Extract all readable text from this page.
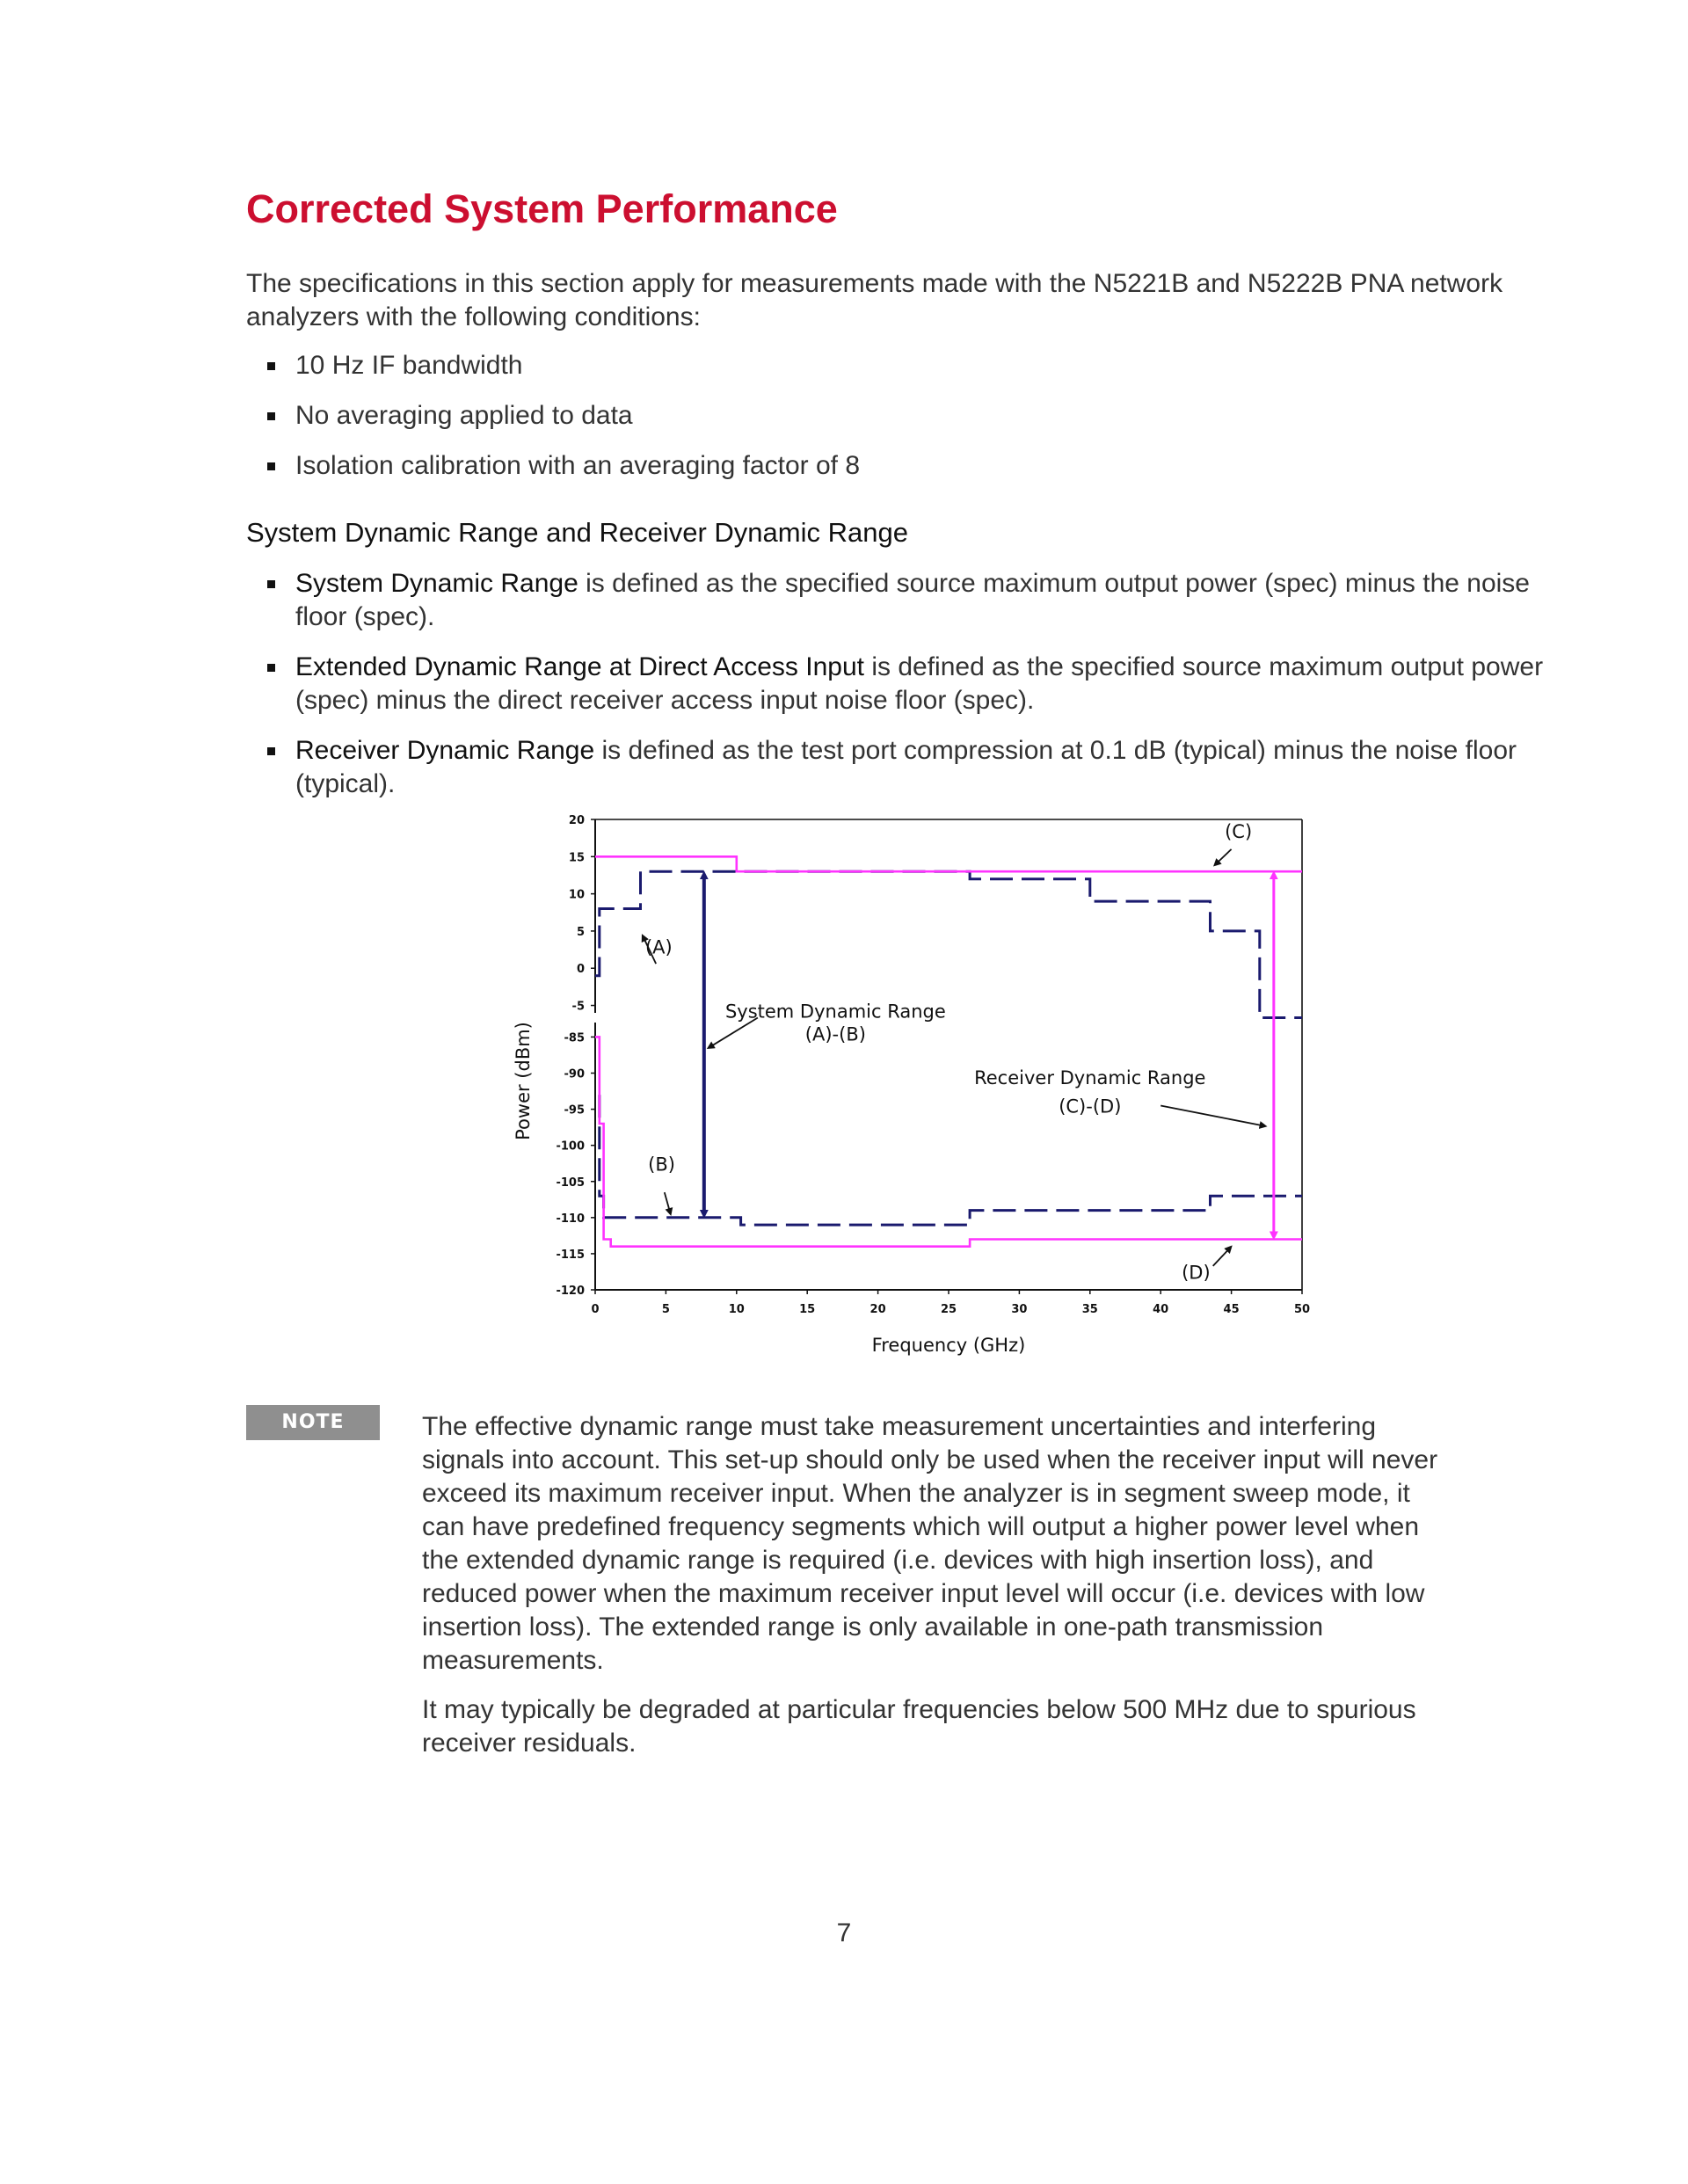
Corrected System Performance

The specifications in this section apply for measurements made with the N5221B and N5222B PNA network analyzers with the following conditions:

10 Hz IF bandwidth
No averaging applied to data
Isolation calibration with an averaging factor of 8
System Dynamic Range and Receiver Dynamic Range
System Dynamic Range is defined as the specified source maximum output power (spec) minus the noise floor (spec).
Extended Dynamic Range at Direct Access Input is defined as the specified source maximum output power (spec) minus the direct receiver access input noise floor (spec).
Receiver Dynamic Range is defined as the test port compression at 0.1 dB (typical) minus the noise floor (typical).
20
15
10
5
0
-5
-85
-90
-95
-100
-105
-110
-115
-120
0	5	10	15	20	25	30	35	40	45	50
Frequency (GHz)
Power (dBm)
(A)
(B)
(C)
(D)
System Dynamic Range
(A)-(B)
Receiver Dynamic Range
(C)-(D)
NOTE	The effective dynamic range must take measurement uncertainties and interfering signals into account. This set-up should only be used when the receiver input will never exceed its maximum receiver input. When the analyzer is in segment sweep mode, it can have predefined frequency segments which will output a higher power level when the extended dynamic range is required (i.e. devices with high insertion loss), and reduced power when the maximum receiver input level will occur (i.e. devices with low insertion loss). The extended range is only available in one-path transmission measurements.

It may typically be degraded at particular frequencies below 500 MHz due to spurious receiver residuals.

7
